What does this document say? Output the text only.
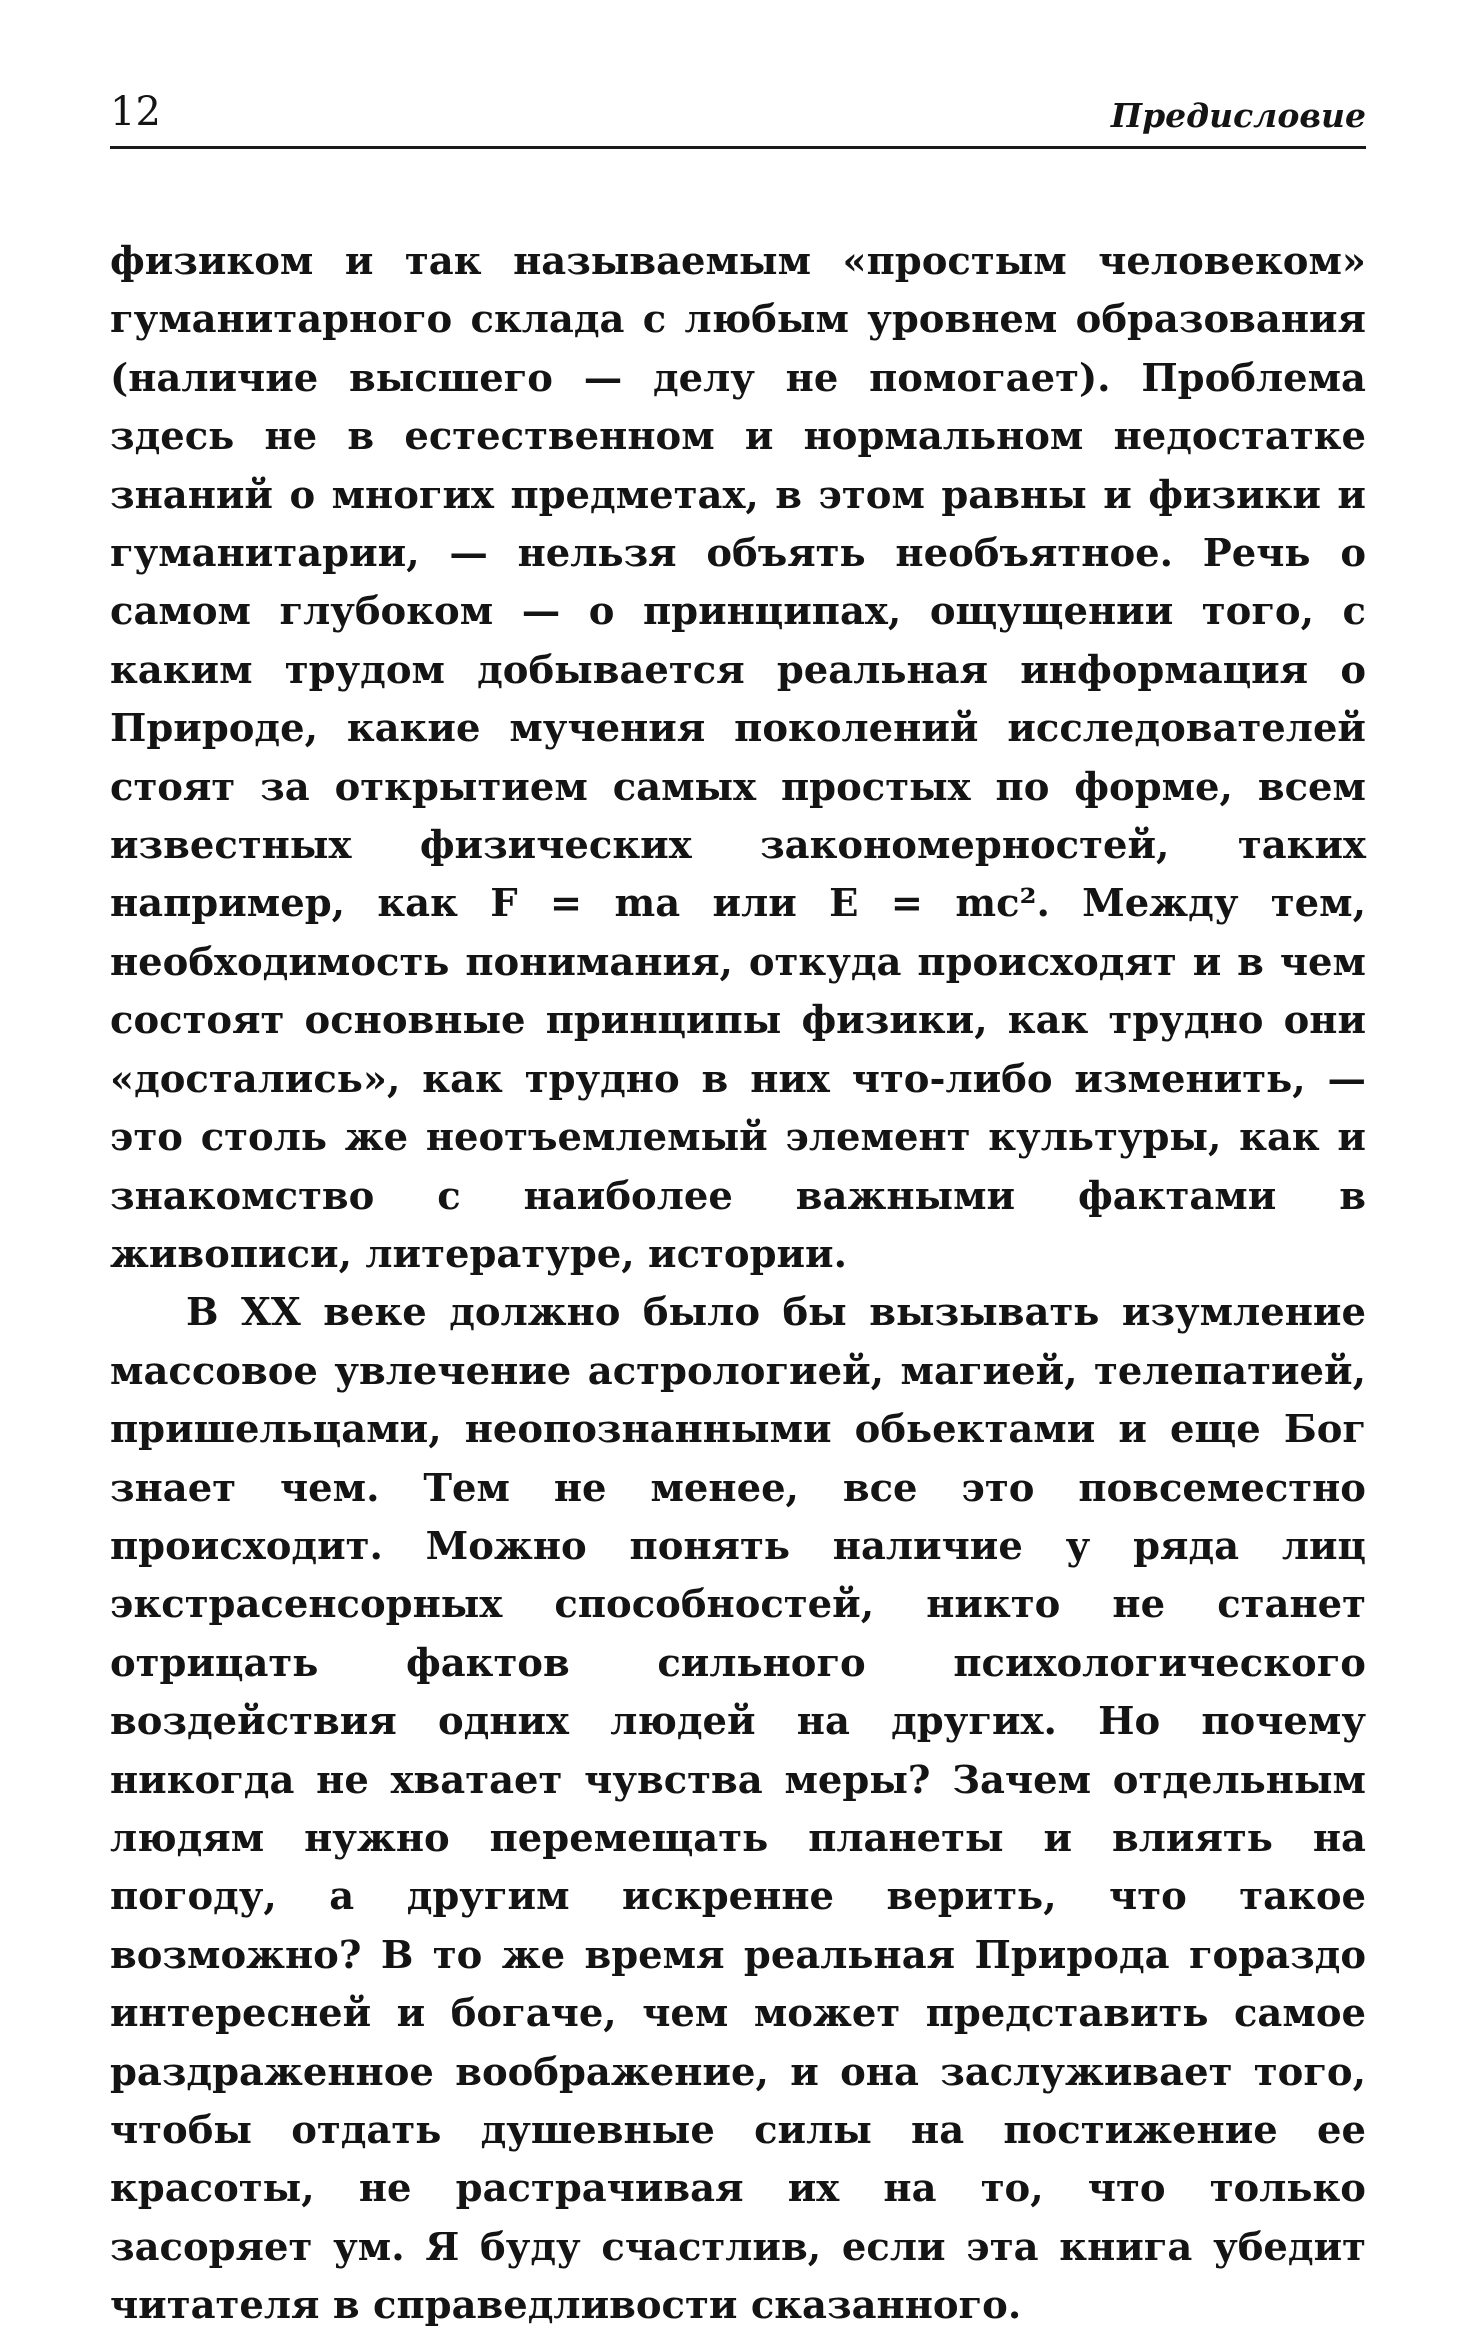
12	Предисловие

физиком и так называемым «простым человеком» гуманитарного склада с любым уровнем образования (наличие высшего — делу не помогает). Проблема здесь не в естественном и нормальном недостатке знаний о многих предметах, в этом равны и физики и гуманитарии, — нельзя объять необъятное. Речь о самом глубоком — о принципах, ощущении того, с каким трудом добывается реальная информация о Природе, какие мучения поколений исследователей стоят за открытием самых простых по форме, всем известных физических закономерностей, таких например, как F = ma или E = mc². Между тем, необходимость понимания, откуда происходят и в чем состоят основные принципы физики, как трудно они «достались», как трудно в них что-либо изменить, — это столь же неотъемлемый элемент культуры, как и знакомство с наиболее важными фактами в живописи, литературе, истории.

В XX веке должно было бы вызывать изумление массовое увлечение астрологией, магией, телепатией, пришельцами, неопознанными обьектами и еще Бог знает чем. Тем не менее, все это повсеместно происходит. Можно понять наличие у ряда лиц экстрасенсорных способностей, никто не станет отрицать фактов сильного психологического воздействия одних людей на других. Но почему никогда не хватает чувства меры? Зачем отдельным людям нужно перемещать планеты и влиять на погоду, а другим искренне верить, что такое возможно? В то же время реальная Природа гораздо интересней и богаче, чем может представить самое раздраженное воображение, и она заслуживает того, чтобы отдать душевные силы на постижение ее красоты, не растрачивая их на то, что только засоряет ум. Я буду счастлив, если эта книга убедит читателя в справедливости сказанного.
